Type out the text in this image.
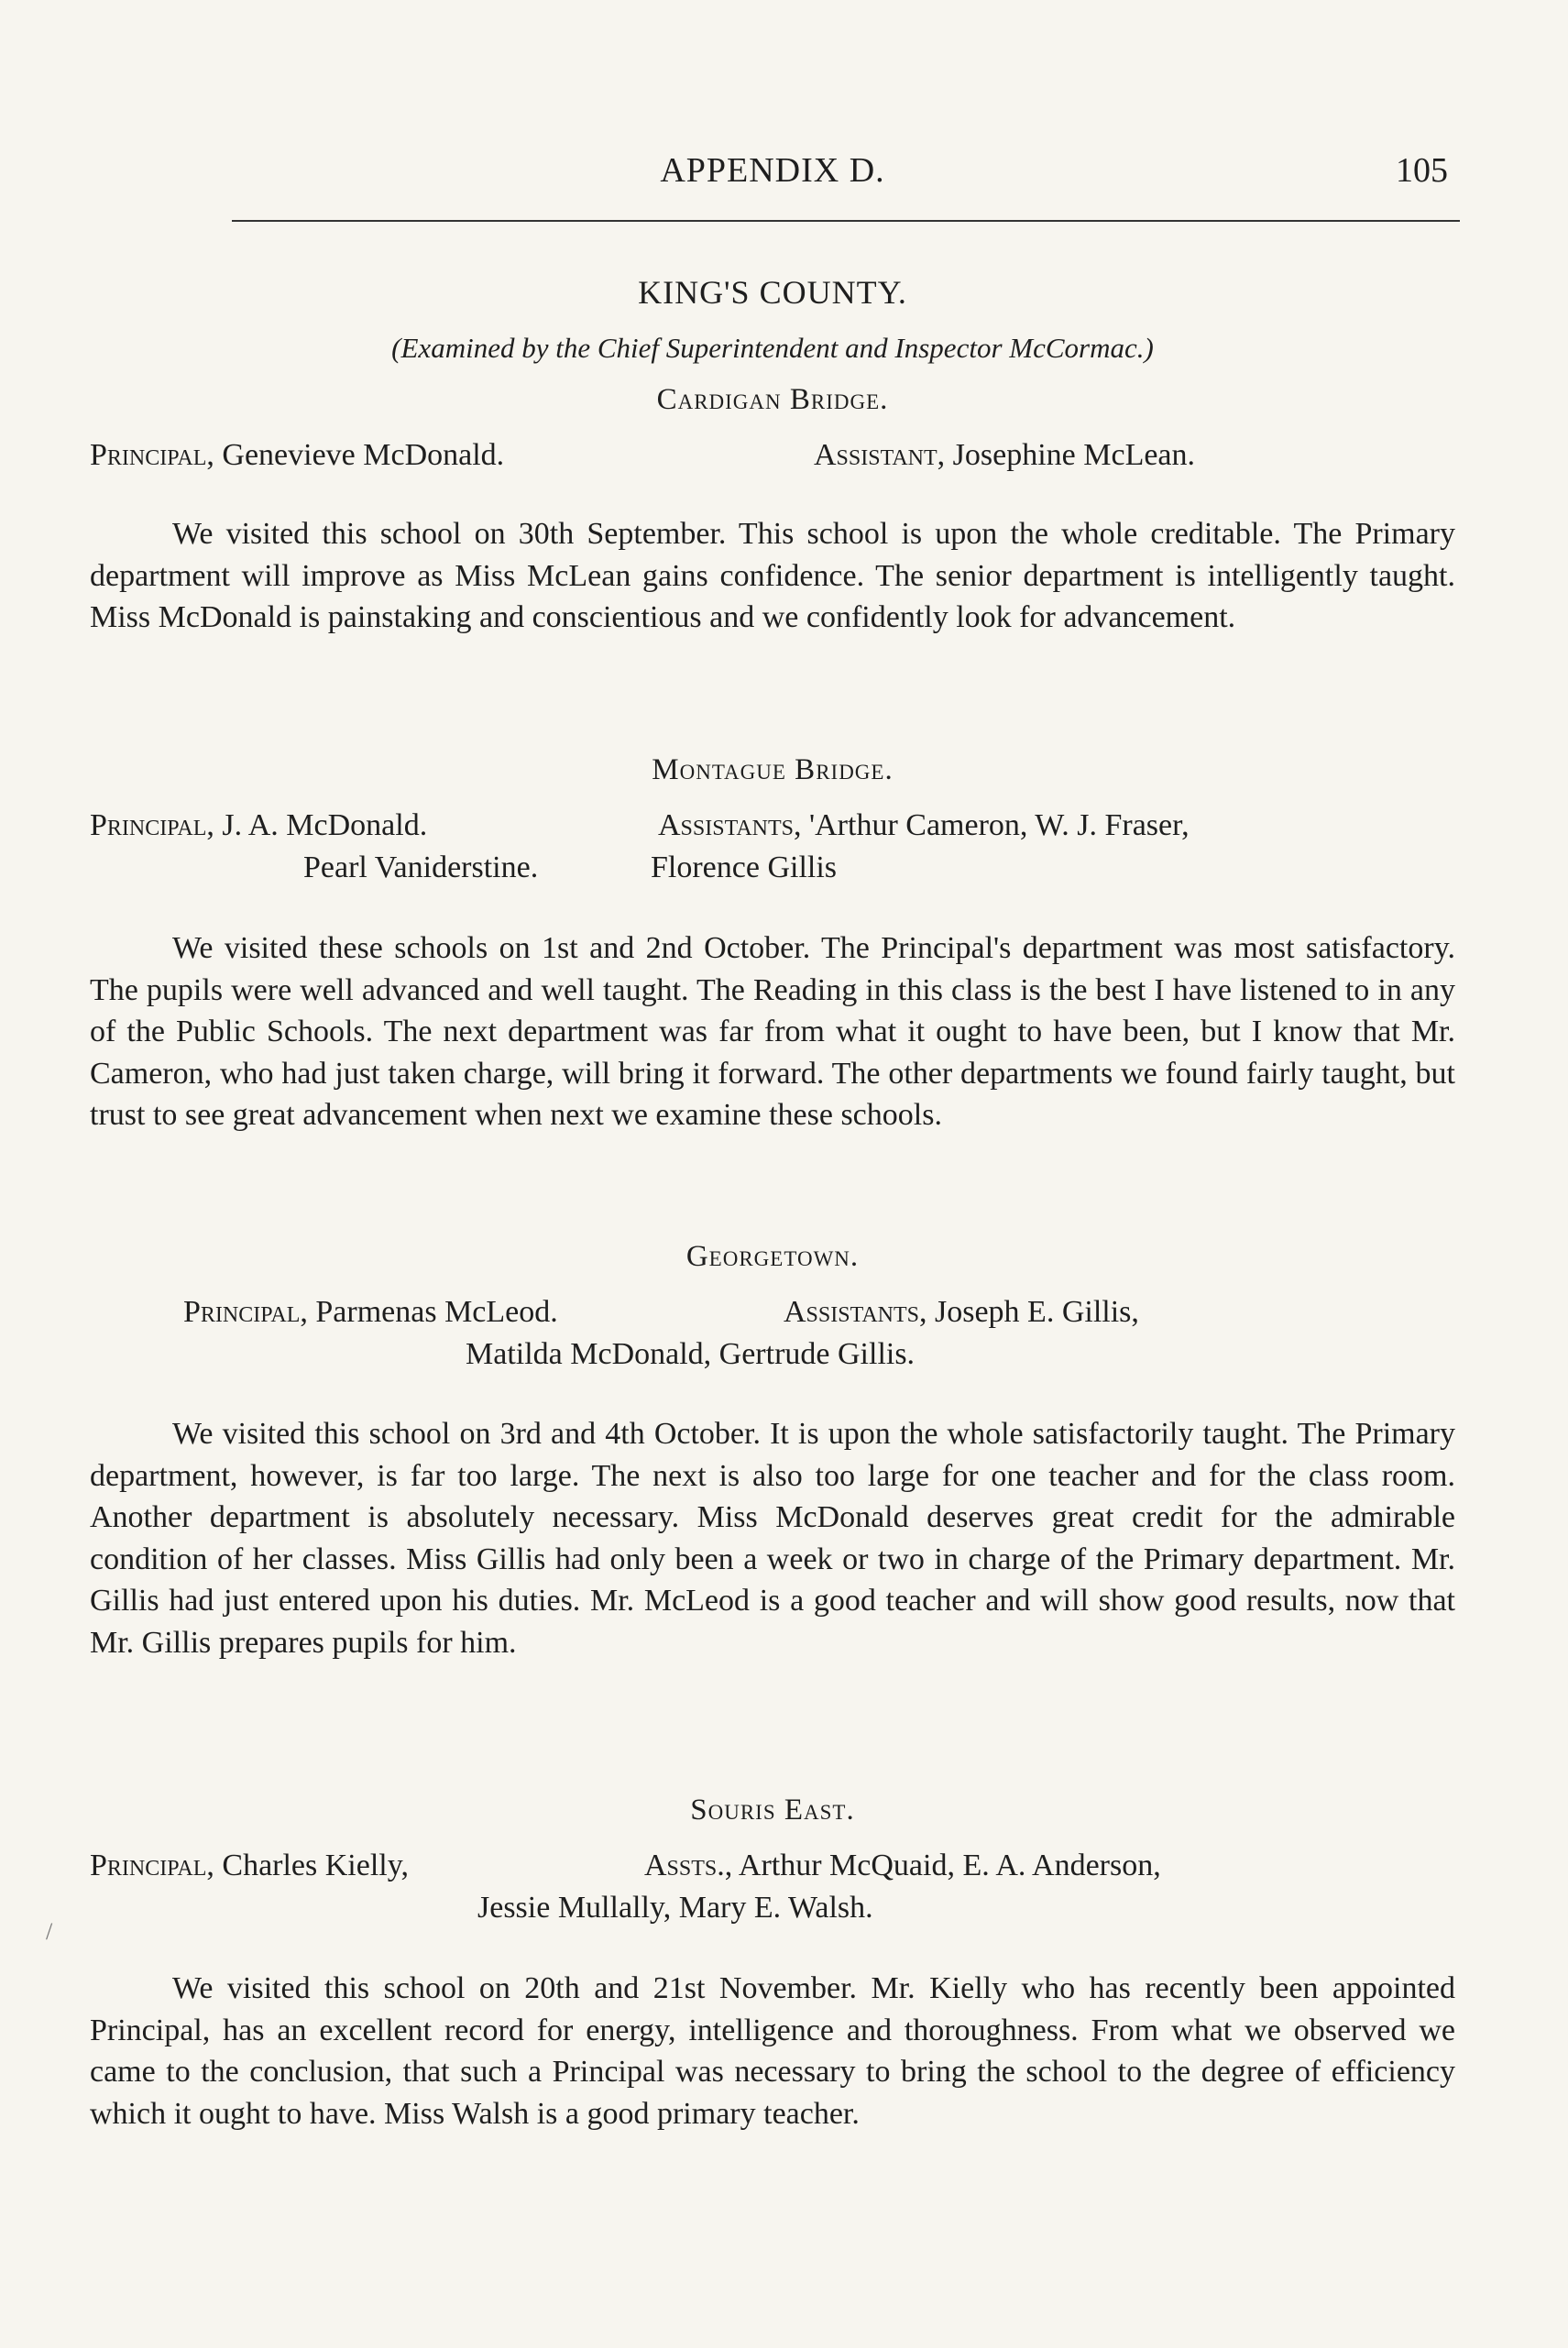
APPENDIX D.	105
KING'S COUNTY.
(Examined by the Chief Superintendent and Inspector McCormac.)
Cardigan Bridge.
Principal, Genevieve McDonald.	Assistant, Josephine McLean.

We visited this school on 30th September. This school is upon the whole creditable. The Primary department will improve as Miss McLean gains confidence. The senior department is intelligently taught. Miss McDonald is painstaking and conscientious and we confidently look for advancement.

Montague Bridge.
Principal, J. A. McDonald.	Assistants, 'Arthur Cameron, W. J. Fraser,
Pearl Vaniderstine.	Florence Gillis

We visited these schools on 1st and 2nd October. The Principal's department was most satisfactory. The pupils were well advanced and well taught. The Reading in this class is the best I have listened to in any of the Public Schools. The next department was far from what it ought to have been, but I know that Mr. Cameron, who had just taken charge, will bring it forward. The other departments we found fairly taught, but trust to see great advancement when next we examine these schools.

Georgetown.
Principal, Parmenas McLeod.	Assistants, Joseph E. Gillis,
Matilda McDonald, Gertrude Gillis.

We visited this school on 3rd and 4th October. It is upon the whole satisfactorily taught. The Primary department, however, is far too large. The next is also too large for one teacher and for the class room. Another department is absolutely necessary. Miss McDonald deserves great credit for the admirable condition of her classes. Miss Gillis had only been a week or two in charge of the Primary department. Mr. Gillis had just entered upon his duties. Mr. McLeod is a good teacher and will show good results, now that Mr. Gillis prepares pupils for him.

Souris East.
Principal, Charles Kielly,	Assts., Arthur McQuaid, E. A. Anderson,
Jessie Mullally, Mary E. Walsh.

We visited this school on 20th and 21st November. Mr. Kielly who has recently been appointed Principal, has an excellent record for energy, intelligence and thoroughness. From what we observed we came to the conclusion, that such a Principal was necessary to bring the school to the degree of efficiency which it ought to have. Miss Walsh is a good primary teacher.

/
